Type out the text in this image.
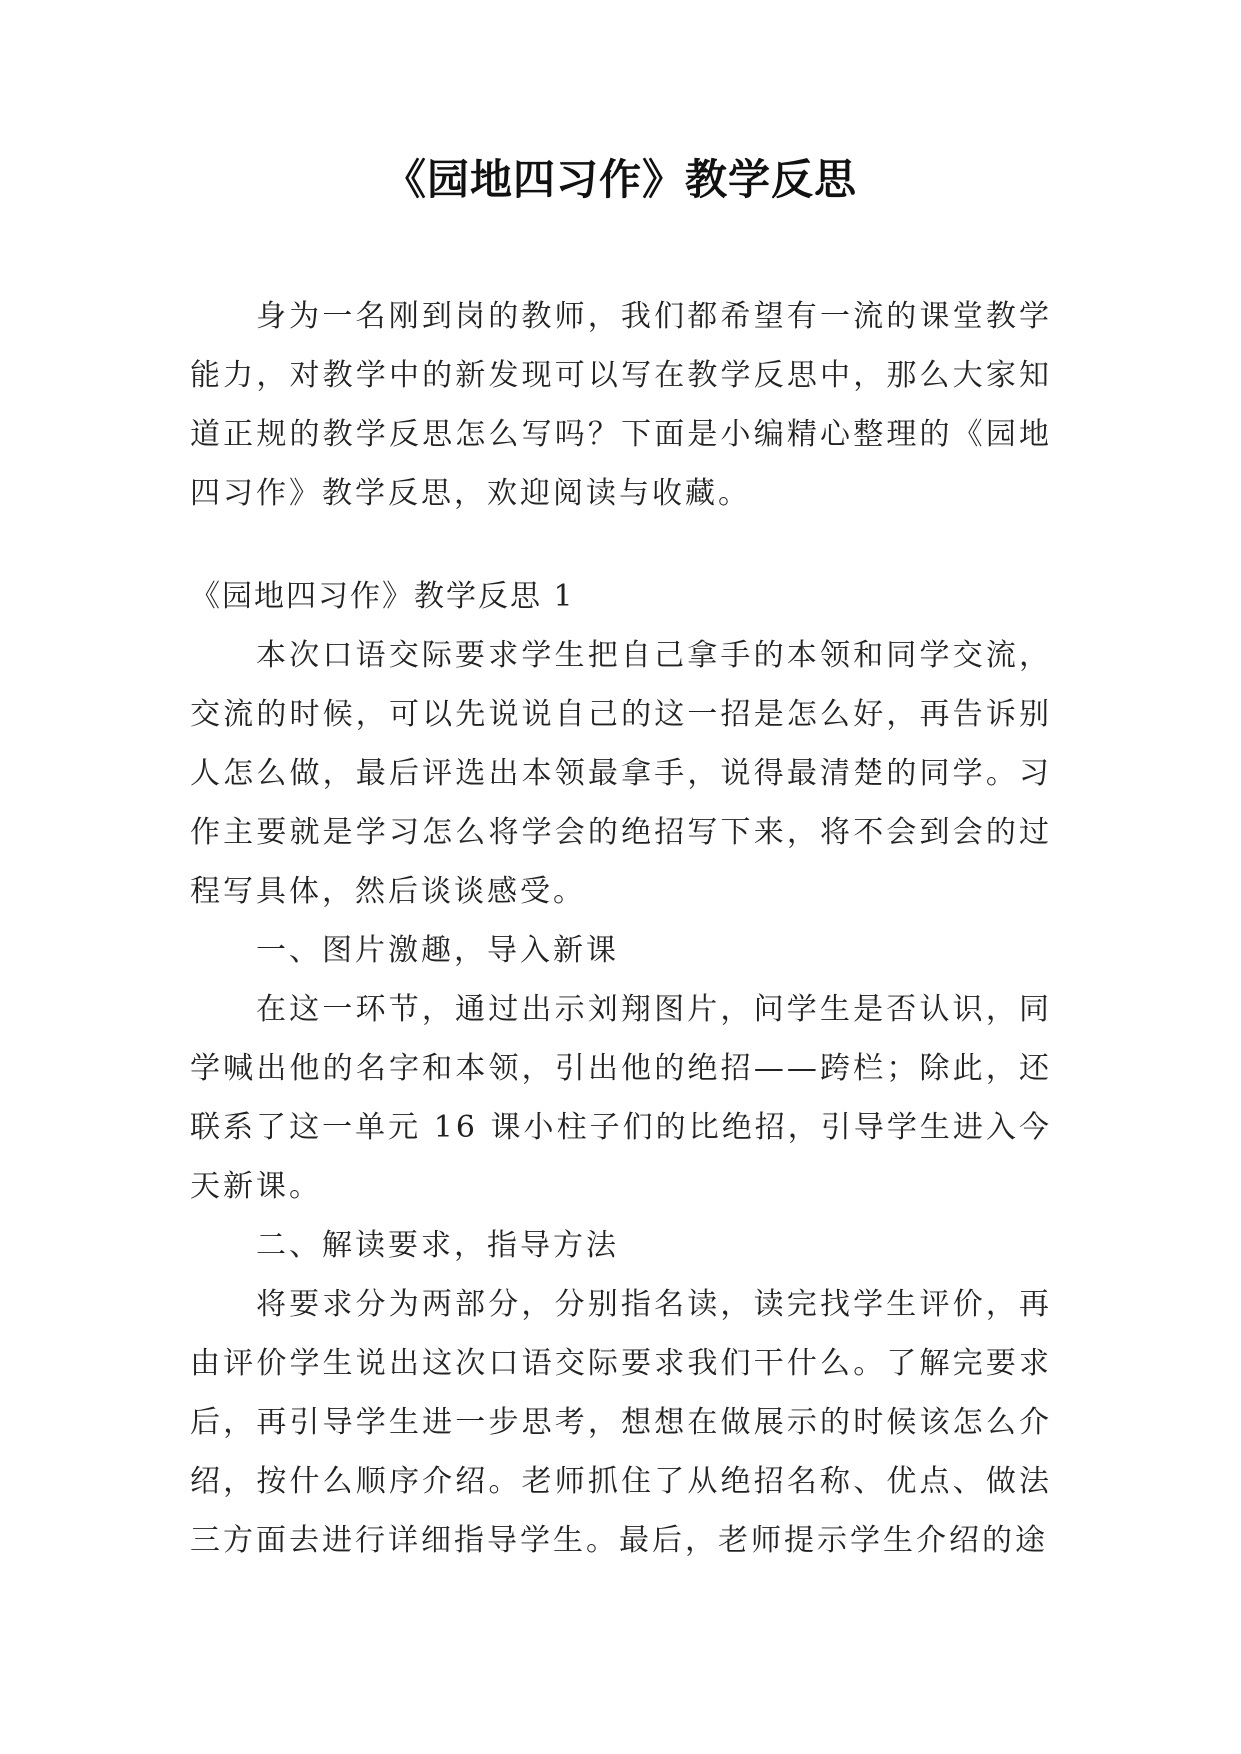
《园地四习作》教学反思

身为一名刚到岗的教师，我们都希望有一流的课堂教学能力，对教学中的新发现可以写在教学反思中，那么大家知道正规的教学反思怎么写吗？下面是小编精心整理的《园地四习作》教学反思，欢迎阅读与收藏。

《园地四习作》教学反思 1

本次口语交际要求学生把自己拿手的本领和同学交流，交流的时候，可以先说说自己的这一招是怎么好，再告诉别人怎么做，最后评选出本领最拿手，说得最清楚的同学。习作主要就是学习怎么将学会的绝招写下来，将不会到会的过程写具体，然后谈谈感受。

一、图片激趣，导入新课

在这一环节，通过出示刘翔图片，问学生是否认识，同学喊出他的名字和本领，引出他的绝招——跨栏；除此，还联系了这一单元 16 课小柱子们的比绝招，引导学生进入今天新课。

二、解读要求，指导方法

将要求分为两部分，分别指名读，读完找学生评价，再由评价学生说出这次口语交际要求我们干什么。了解完要求后，再引导学生进一步思考，想想在做展示的时候该怎么介绍，按什么顺序介绍。老师抓住了从绝招名称、优点、做法三方面去进行详细指导学生。最后，老师提示学生介绍的途
